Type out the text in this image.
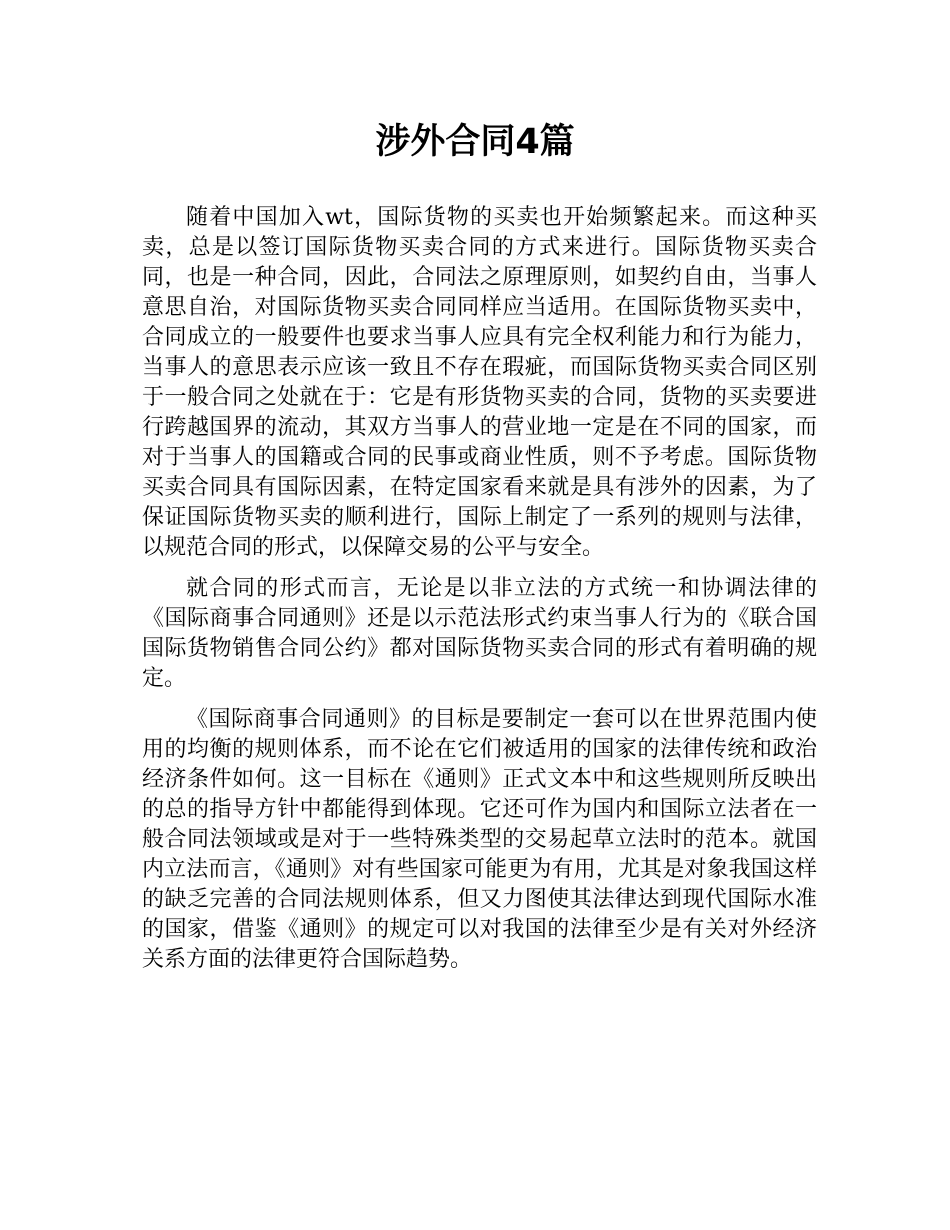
涉外合同4篇

随着中国加入wt，国际货物的买卖也开始频繁起来。而这种买卖，总是以签订国际货物买卖合同的方式来进行。国际货物买卖合同，也是一种合同，因此，合同法之原理原则，如契约自由，当事人意思自治，对国际货物买卖合同同样应当适用。在国际货物买卖中，合同成立的一般要件也要求当事人应具有完全权利能力和行为能力，当事人的意思表示应该一致且不存在瑕疵，而国际货物买卖合同区别于一般合同之处就在于：它是有形货物买卖的合同，货物的买卖要进行跨越国界的流动，其双方当事人的营业地一定是在不同的国家，而对于当事人的国籍或合同的民事或商业性质，则不予考虑。国际货物买卖合同具有国际因素，在特定国家看来就是具有涉外的因素，为了保证国际货物买卖的顺利进行，国际上制定了一系列的规则与法律，以规范合同的形式，以保障交易的公平与安全。

就合同的形式而言，无论是以非立法的方式统一和协调法律的《国际商事合同通则》还是以示范法形式约束当事人行为的《联合国国际货物销售合同公约》都对国际货物买卖合同的形式有着明确的规定。

《国际商事合同通则》的目标是要制定一套可以在世界范围内使用的均衡的规则体系，而不论在它们被适用的国家的法律传统和政治经济条件如何。这一目标在《通则》正式文本中和这些规则所反映出的总的指导方针中都能得到体现。它还可作为国内和国际立法者在一般合同法领域或是对于一些特殊类型的交易起草立法时的范本。就国内立法而言，《通则》对有些国家可能更为有用，尤其是对象我国这样的缺乏完善的合同法规则体系，但又力图使其法律达到现代国际水准的国家，借鉴《通则》的规定可以对我国的法律至少是有关对外经济关系方面的法律更符合国际趋势。
